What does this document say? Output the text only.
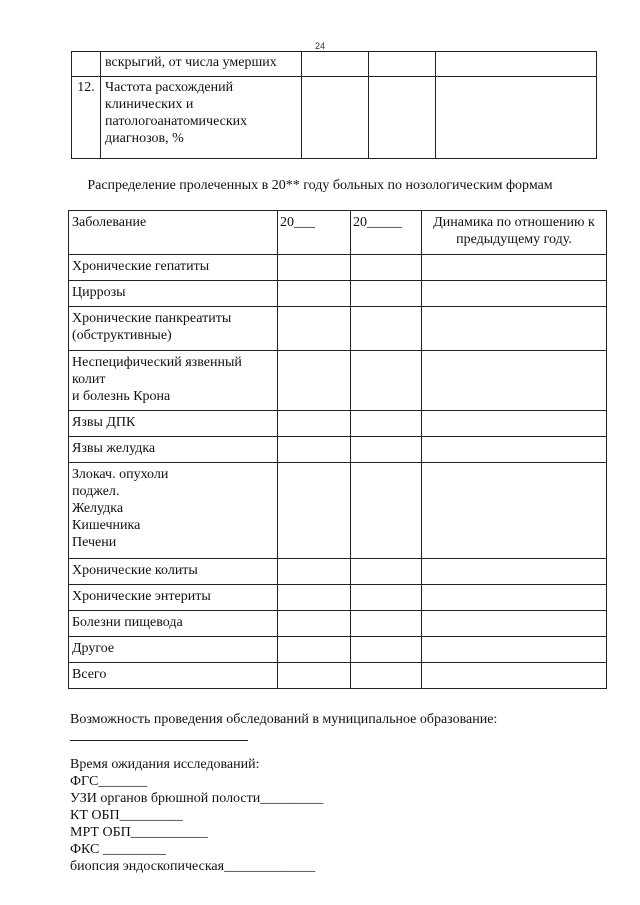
24
	вскрыгий, от числа умерших			
12.	Частота расхождений
клинических и
патологоанатомических
диагнозов, %			

Распределение пролеченных в 20** году больных по нозологическим формам
Заболевание	20___	20_____	Динамика по отношению к предыдущему году.

Хронические гепатиты			

Циррозы			

Хронические панкреатиты
(обструктивные)			

Неспецифический язвенный
колит
и болезнь Крона			

Язвы ДПК			

Язвы желудка			

Злокач. опухоли
поджел.
Желудка
Кишечника
Печени			

Хронические колиты			

Хронические энтериты			

Болезни пищевода			

Другое			

Всего			

Возможность проведения обследований в муниципальное образование:
Время ожидания исследований:
ФГС_______
УЗИ органов брюшной полости_________
КТ ОБП_________
МРТ ОБП___________
ФКС _________
биопсия эндоскопическая_____________
